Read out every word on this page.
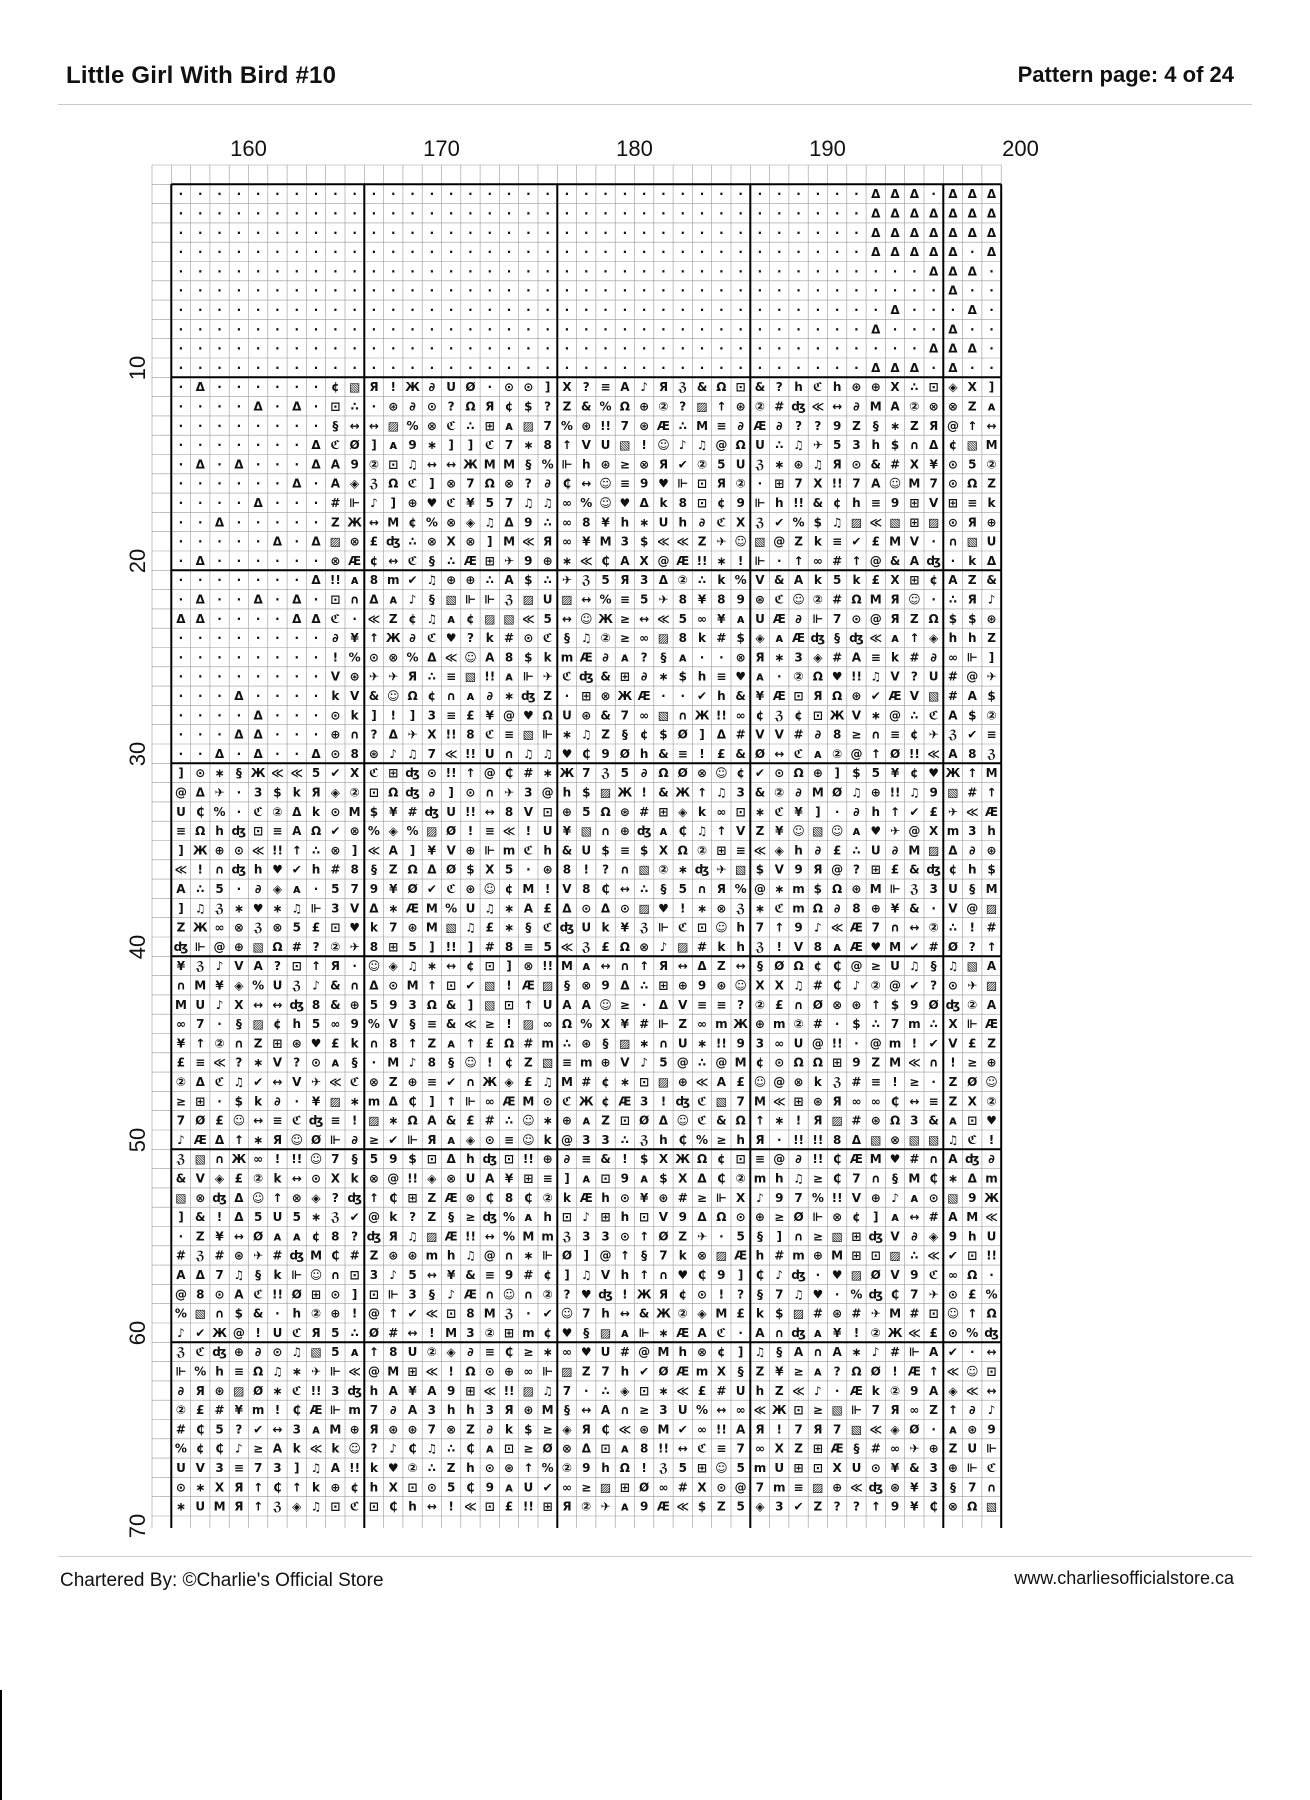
Little Girl With Bird #10	Pattern page: 4 of 24
160	170	180	190	200
10
20
30
40
50
60
70
· · · · · · · · · · · · · · · · · · · · · · · · · · · · · · · · · · · · Δ Δ Δ · Δ Δ Δ
· · · · · · · · · · · · · · · · · · · · · · · · · · · · · · · · · · · · Δ Δ Δ Δ Δ Δ Δ
· · · · · · · · · · · · · · · · · · · · · · · · · · · · · · · · · · · · Δ Δ Δ Δ Δ Δ Δ
· · · · · · · · · · · · · · · · · · · · · · · · · · · · · · · · · · · · Δ Δ Δ Δ Δ · Δ
· · · · · · · · · · · · · · · · · · · · · · · · · · · · · · · · · · · · · · · Δ Δ Δ ·
· · · · · · · · · · · · · · · · · · · · · · · · · · · · · · · · · · · · · · · · Δ · ·
· · · · · · · · · · · · · · · · · · · · · · · · · · · · · · · · · · · · · Δ · · · Δ ·
· · · · · · · · · · · · · · · · · · · · · · · · · · · · · · · · · · · · Δ · · · Δ · ·
· · · · · · · · · · · · · · · · · · · · · · · · · · · · · · · · · · · · · · · Δ Δ Δ ·
· · · · · · · · · · · · · · · · · · · · · · · · · · · · · · · · · · · · Δ Δ Δ · Δ · ·
· Δ · · · · · · ¢ ▧ Я ! Ж ∂ U Ø · ⊙ ⊙ ] X ? ≡ A ♪ Я ℨ & Ω ⊡ & ? h ℭ h ⊛ ⊕ X ∴ ⊡ ◈ X ]
· · · · Δ · Δ · ⊡ ∴ · ⊛ ∂ ⊙ ? Ω Я ¢ $ ? Z & % Ω ⊕ ② ? ▨ ↑ ⊛ ② # ʤ ≪ ↔ ∂ M A ② ⊗ ⊗ Z ᴀ
· · · · · · · · § ↔ ↔ ▨ % ⊗ ℭ ∴ ⊞ ᴀ ▨ 7 % ⊛ !! 7 ⊛ Ӕ ∴ M ≡ ∂ Ӕ ∂ ? ? 9 Z § ∗ Z Я @ ↑ ↔
· · · · · · · Δ ℭ Ø ] ᴀ 9 ∗ ] ] ℭ 7 ∗ 8 ↑ V U ▧ ! ☺ ♪ ♫ @ Ω U ∴ ♫ ✈ 5 3 h $ ∩ Δ ¢ ▧ M
· Δ · Δ · · · Δ A 9 ② ⊡ ♫ ↔ ↔ Ж M M § % ⊩ h ⊛ ≥ ⊗ Я ✔ ② 5 U ℨ ∗ ⊛ ♫ Я ⊙ & # X ¥ ⊙ 5 ②
· · · · · · Δ · A ◈ ℨ Ω ℭ ] ⊗ 7 Ω ⊗ ? ∂ ₵ ↔ ☺ ≡ 9 ♥ ⊩ ⊡ Я ② · ⊞ 7 X !! 7 A ☺ M 7 ⊙ Ω Z
· · · · Δ · · · # ⊩ ♪ ] ⊕ ♥ ℭ ¥ 5 7 ♫ ♫ ∞ % ☺ ♥ Δ k 8 ⊡ ¢ 9 ⊩ h !! & ¢ h ≡ 9 ⊞ V ⊞ ≡ k
· · Δ · · · · · Z Ж ↔ M ¢ % ⊗ ◈ ♫ Δ 9 ∴ ∞ 8 ¥ h ∗ U h ∂ ℭ X ℨ ✔ % $ ♫ ▨ ≪ ▧ ⊞ ▨ ⊙ Я ⊕
· · · · · Δ · Δ ▨ ⊗ £ ʤ ∴ ⊗ X ⊗ ] M ≪ Я ∞ ¥ M 3 $ ≪ ≪ Z ✈ ☺ ▧ @ Z k ≡ ✔ £ M V · ∩ ▧ U
· Δ · · · · · · ⊗ Ӕ ¢ ↔ ℭ § ∴ Ӕ ⊞ ✈ 9 ⊕ ∗ ≪ ₵ A X @ Ӕ !! ∗ ! ⊩ · ↑ ∞ # ↑ @ & A ʤ · k Δ
· · · · · · · Δ !! ᴀ 8 m ✔ ♫ ⊕ ⊕ ∴ A $ ∴ ✈ ℨ 5 Я 3 Δ ② ∴ k % V & A k 5 k £ X ⊞ ¢ A Z &
· Δ · · Δ · Δ · ⊡ ∩ Δ ᴀ ♪ § ▧ ⊩ ⊩ ℨ ▨ U ▨ ↔ % ≡ 5 ✈ 8 ¥ 8 9 ⊛ ℭ ☺ ② # Ω M Я ☺ · ∴ Я ♪
Δ Δ · · · · Δ Δ ℭ · ≪ Z ¢ ♫ ᴀ ¢ ▨ ▧ ≪ 5 ↔ ☺ Ж ≥ ↔ ≪ 5 ∞ ¥ ᴀ U Ӕ ∂ ⊩ 7 ⊙ @ Я Z Ω $ $ ⊛
· · · · · · · · ∂ ¥ ↑ Ж ∂ ℭ ♥ ? k # ⊙ ℭ § ♫ ② ≥ ∞ ▨ 8 k # $ ◈ ᴀ Ӕ ʤ § ʤ ≪ ᴀ ↑ ◈ h h Z
· · · · · · · · ! % ⊙ ⊗ % Δ ≪ ☺ A 8 $ k m Ӕ ∂ ᴀ ? § ᴀ · · ⊗ Я ∗ 3 ◈ # A ≡ k # ∂ ∞ ⊩ ]
· · · · · · · · V ⊛ ✈ ✈ Я ∴ ≡ ▧ !! ᴀ ⊩ ✈ ℭ ʤ & ⊞ ∂ ∗ $ h ≡ ♥ ᴀ · ② Ω ♥ !! ♫ V ? U # @ ✈
· · · Δ · · · · k V & ☺ Ω ¢ ∩ ᴀ ∂ ∗ ʤ Z · ⊞ ⊗ Ж Ӕ · · ✔ h & ¥ Ӕ ⊡ Я Ω ⊛ ✔ Ӕ V ▧ # A $
· · · · Δ · · · ⊙ k ] ! ] 3 ≡ £ ¥ @ ♥ Ω U ⊛ & 7 ∞ ▧ ∩ Ж !! ∞ ¢ ℨ ¢ ⊡ Ж V ∗ @ ∴ ℭ A $ ②
· · · Δ Δ · · · ⊕ ∩ ? Δ ✈ X !! 8 ℭ ≡ ▧ ⊩ ∗ ♫ Z § ¢ $ Ø ] Δ # V V # ∂ 8 ≥ ∩ ≡ ¢ ✈ ℨ ✔ ≡
· · Δ · Δ · · Δ ⊙ 8 ⊛ ♪ ♫ 7 ≪ !! U ∩ ♫ ♫ ♥ ₵ 9 Ø h & ≡ ! £ & Ø ↔ ℭ ᴀ ② @ ↑ Ø !! ≪ A 8 ℨ
] ⊙ ∗ § Ж ≪ ≪ 5 ✔ X ℭ ⊞ ʤ ⊙ !! ↑ @ ₵ # ∗ Ж 7 ℨ 5 ∂ Ω Ø ⊗ ☺ ¢ ✔ ⊙ Ω ⊕ ] $ 5 ¥ ¢ ♥ Ж ↑ M
@ Δ ✈ · 3 $ k Я ◈ ② ⊡ Ω ʤ ∂ ] ⊙ ∩ ✈ 3 @ h $ ▨ Ж ! & Ж ↑ ♫ 3 & ② ∂ M Ø ♫ ⊕ !! ♫ 9 ▧ # ↑
U ₵ % · ℭ ② Δ k ⊙ M $ ¥ # ʤ U !! ↔ 8 V ⊡ ⊕ 5 Ω ⊛ # ⊞ ◈ k ∞ ⊡ ∗ ℭ ¥ ] · ∂ h ↑ ✔ £ ✈ ≪ Ӕ
≡ Ω h ʤ ⊡ ≡ A Ω ✔ ⊗ % ◈ % ▨ Ø ! ≡ ≪ ! U ¥ ▧ ∩ ⊕ ʤ ᴀ ₵ ♫ ↑ V Z ¥ ☺ ▧ ☺ ᴀ ♥ ✈ @ X m 3 h
] Ж ⊕ ⊙ ≪ !! ↑ ∴ ⊗ ] ≪ A ] ¥ V ⊕ ⊩ m ℭ h & U $ ≡ $ X Ω ② ⊞ ≡ ≪ ◈ h ∂ £ ∴ U ∂ M ▨ Δ ∂ ⊛
≪ ! ∩ ʤ h ♥ ✔ h # 8 § Z Ω Δ Ø $ X 5 · ⊛ 8 ! ? ∩ ▧ ② ∗ ʤ ✈ ▧ $ V 9 Я @ ? ⊞ £ & ʤ ¢ h $
A ∴ 5 · ∂ ◈ ᴀ · 5 7 9 ¥ Ø ✔ ℭ ⊛ ☺ ¢ M ! V 8 ₵ ↔ ∴ § 5 ∩ Я % @ ∗ m $ Ω ⊛ M ⊩ ℨ 3 U § M
] ♫ ℨ ∗ ♥ ∗ ♫ ⊩ 3 V Δ ∗ Ӕ M % U ♫ ∗ A £ Δ ⊙ Δ ⊙ ▨ ♥ ! ∗ ⊗ ℨ ∗ ℭ m Ω ∂ 8 ⊕ ¥ & · V @ ▨
Z Ж ∞ ⊗ ℨ ⊗ 5 £ ⊡ ♥ k 7 ⊛ M ▧ ♫ £ ∗ § ℭ ʤ U k ¥ ℨ ⊩ ℭ ⊡ ☺ h 7 ↑ 9 ♪ ≪ Ӕ 7 ∩ ↔ ② ∴ ! #
ʤ ⊩ @ ⊕ ▧ Ω # ? ② ✈ 8 ⊞ 5 ] !! ] # 8 ≡ 5 ≪ ℨ £ Ω ⊗ ♪ ▨ # k h ℨ ! V 8 ᴀ Ӕ ♥ M ✔ # Ø ? ↑
¥ ℨ ♪ V A ? ⊡ ↑ Я · ☺ ◈ ♫ ∗ ↔ ¢ ⊡ ] ⊗ !! M ᴀ ↔ ∩ ↑ Я ↔ Δ Z ↔ § Ø Ω ¢ ₵ @ ≥ U ♫ § ♫ ▧ A
∩ M ¥ ◈ % U ℨ ♪ & ∩ Δ ⊙ M ↑ ⊡ ✔ ▧ ! Ӕ ▨ § ⊗ 9 Δ ∴ ⊞ ⊕ 9 ⊛ ☺ X X ♫ # ₵ ♪ ② @ ✔ ? ⊙ ✈ ▨
M U ♪ X ↔ ↔ ʤ 8 & ⊕ 5 9 3 Ω & ] ▧ ⊡ ↑ U A A ☺ ≥ · Δ V ≡ ≡ ? ② £ ∩ Ø ⊗ ⊛ ↑ $ 9 Ø ʤ ② A
∞ 7 · § ▨ ¢ h 5 ∞ 9 % V § ≡ & ≪ ≥ ! ▨ ∞ Ω % X ¥ # ⊩ Z ∞ m Ж ⊕ m ② # · $ ∴ 7 m ∴ X ⊩ Ӕ
¥ ↑ ② ∩ Z ⊞ ⊛ ♥ £ k ∩ 8 ↑ Z ᴀ ↑ £ Ω # m ∴ ⊛ § ▨ ∗ ∩ U ∗ !! 9 3 ∞ U @ !! · @ m ! ✔ V £ Z
£ ≡ ≪ ? ∗ V ? ⊙ ᴀ § · M ♪ 8 § ☺ ! ¢ Z ▧ ≡ m ⊕ V ♪ 5 @ ∴ @ M ¢ ⊙ Ω Ω ⊞ 9 Z M ≪ ∩ ! ≥ ⊕
② Δ ℭ ♫ ✔ ↔ V ✈ ≪ ℭ ⊗ Z ⊕ ≡ ✔ ∩ Ж ◈ £ ♫ M # ¢ ∗ ⊡ ▨ ⊕ ≪ A £ ☺ @ ⊗ k ℨ # ≡ ! ≥ · Z Ø ☺
≥ ⊞ · $ k ∂ · ¥ ▨ ∗ m Δ ₵ ] ↑ ⊩ ∞ Ӕ M ⊙ ℭ Ж ¢ Ӕ 3 ! ʤ ℭ ▧ 7 M ≪ ⊞ ⊛ Я ∞ ∞ ₵ ↔ ≡ Z X ②
7 Ø £ ☺ ↔ ≡ ℭ ʤ ≡ ! ▨ ∗ Ω A & £ # ∴ ☺ ∗ ⊕ ᴀ Z ⊡ Ø Δ ☺ ℭ & Ω ↑ ∗ ! Я ▨ # ⊛ Ω 3 & ᴀ ⊡ ♥
♪ Ӕ Δ ↑ ∗ Я ☺ Ø ⊩ ∂ ≥ ✔ ⊩ Я ᴀ ◈ ⊙ ≡ ☺ k @ 3 3 ∴ ℨ h ₵ % ≥ h Я · !! !! 8 Δ ▧ ⊗ ▧ ▧ ♫ ℭ !
ℨ ▧ ∩ Ж ∞ ! !! ☺ 7 § 5 9 $ ⊡ Δ h ʤ ⊡ !! ⊕ ∂ ≡ & ! $ X Ж Ω ¢ ⊡ ≡ @ ∂ !! ₵ Ӕ M ♥ # ∩ A ʤ ∂
& V ◈ £ ② k ↔ ⊙ X k ⊗ @ !! ◈ ⊗ U A ¥ ⊞ ≡ ] ᴀ ⊡ 9 ᴀ $ X Δ ₵ ② m h ♫ ≥ ₵ 7 ∩ § M ₵ ∗ Δ m
▧ ⊗ ʤ Δ ☺ ↑ ⊗ ◈ ? ʤ ↑ ₵ ⊞ Z Ӕ ⊗ ₵ 8 ₵ ② k Ӕ h ⊙ ¥ ⊛ # ≥ ⊩ X ♪ 9 7 % !! V ⊕ ♪ ᴀ ⊙ ▧ 9 Ж
] & ! Δ 5 U 5 ∗ ℨ ✔ @ k ? Z § ≥ ʤ % ᴀ h ⊡ ♪ ⊞ h ⊡ V 9 Δ Ω ⊙ ⊕ ≥ Ø ⊩ ⊗ ¢ ] ᴀ ↔ # A M ≪
· Z ¥ ↔ Ø ᴀ ᴀ ¢ 8 ? ʤ Я ♫ ▨ Ӕ !! ↔ % M m ℨ 3 3 ⊙ ↑ Ø Z ✈ · 5 § ] ∩ ≥ ▧ ⊞ ʤ V ∂ ◈ 9 h U
# ℨ # ⊛ ✈ # ʤ M ₵ # Z ⊛ ⊛ m h ♫ @ ∩ ∗ ⊩ Ø ] @ ↑ § 7 k ⊗ ▨ Ӕ h # m ⊕ M ⊞ ⊡ ▨ ∴ ≪ ✔ ⊡ !!
A Δ 7 ♫ § k ⊩ ☺ ∩ ⊡ 3 ♪ 5 ↔ ¥ & ≡ 9 # ¢ ] ♫ V h ↑ ∩ ♥ ₵ 9 ] ₵ ♪ ʤ · ♥ ▨ Ø V 9 ℭ ∞ Ω ·
@ 8 ⊙ A ℭ !! Ø ⊞ ⊙ ] ⊡ ⊩ 3 § ♪ Ӕ ∩ ☺ ∩ ② ? ♥ ʤ ! Ж Я ¢ ⊙ ! ? § 7 ♫ ♥ · % ʤ ₵ 7 ✈ ⊙ £ %
% ▧ ∩ $ & · h ② ⊕ ! @ ↑ ✔ ≪ ⊡ 8 M ℨ · ✔ ☺ 7 h ↔ & Ж ② ◈ M £ k $ ▨ # ⊛ # ✈ M # ⊡ ☺ ↑ Ω
♪ ✔ Ж @ ! U ℭ Я 5 ∴ Ø # ↔ ! M 3 ② ⊞ m ¢ ♥ § ▨ ᴀ ⊩ ∗ Ӕ A ℭ · A ∩ ʤ ᴀ ¥ ! ② Ж ≪ £ ⊙ % ʤ
ℨ ℭ ʤ ⊕ ∂ ⊙ ♫ ▧ 5 ᴀ ↑ 8 U ② ◈ ∂ ≡ ₵ ≥ ∗ ∞ ♥ U # @ M h ⊗ ¢ ] ♫ § A ∩ A ∗ ♪ # ⊩ A ✔ · ↔
⊩ % h ≡ Ω ♫ ∗ ✈ ⊩ ≪ @ M ⊞ ≪ ! Ω ⊙ ⊕ ∞ ⊩ ▨ Z 7 h ✔ Ø Ӕ m X § Z ¥ ≥ ᴀ ? Ω Ø ! Ӕ ↑ ≪ ☺ ⊡
∂ Я ⊛ ▨ Ø ∗ ℭ !! 3 ʤ h A ¥ A 9 ⊞ ≪ !! ▨ ♫ 7 · ∴ ◈ ⊡ ∗ ≪ £ # U h Z ≪ ♪ · Ӕ k ② 9 A ◈ ≪ ↔
② £ # ¥ m ! ₵ Ӕ ⊩ m 7 ∂ A 3 h h 3 Я ⊛ M § ↔ A ∩ ≥ 3 U % ↔ ∞ ≪ Ж ⊡ ≥ ▧ ⊩ 7 Я ∞ Z ↑ ∂ ♪
# ₵ 5 ? ✔ ↔ 3 ᴀ M ⊕ Я ⊛ ⊛ 7 ⊗ Z ∂ k $ ≥ ◈ Я ₵ ≪ ⊛ M ✔ ∞ !! A Я ! 7 Я 7 ▧ ≪ ◈ Ø · ᴀ ⊛ 9
% ¢ ₵ ♪ ≥ A k ≪ k ☺ ? ♪ ₵ ♫ ∴ ₵ ᴀ ⊡ ≥ Ø ⊗ Δ ⊡ ᴀ 8 !! ↔ ℭ ≡ 7 ∞ X Z ⊞ Ӕ § # ∞ ✈ ⊕ Z U ⊩
U V 3 ≡ 7 3 ] ♫ A !! k ♥ ② ∴ Z h ⊙ ⊛ ↑ % ② 9 h Ω ! ℨ 5 ⊞ ☺ 5 m U ⊞ ⊡ X U ⊙ ¥ & 3 ⊕ ⊩ ℭ
⊙ ∗ X Я ↑ ₵ ↑ k ⊕ ¢ h X ⊡ ⊙ 5 ₵ 9 ᴀ U ✔ ∞ ≥ ▨ ⊞ Ø ∞ # X ⊙ @ 7 m ≡ ▨ ⊕ ≪ ʤ ⊛ ¥ 3 § 7 ∩
∗ U M Я ↑ ℨ ◈ ♫ ⊡ ℭ ⊡ ₵ h ↔ ! ≪ ⊡ £ !! ⊞ Я ② ✈ ᴀ 9 Ӕ ≪ $ Z 5 ◈ 3 ✔ Z ? ? ↑ 9 ¥ ₵ ⊗ Ω ▧
Chartered By: ©Charlie's Official Store	www.charliesofficialstore.ca
